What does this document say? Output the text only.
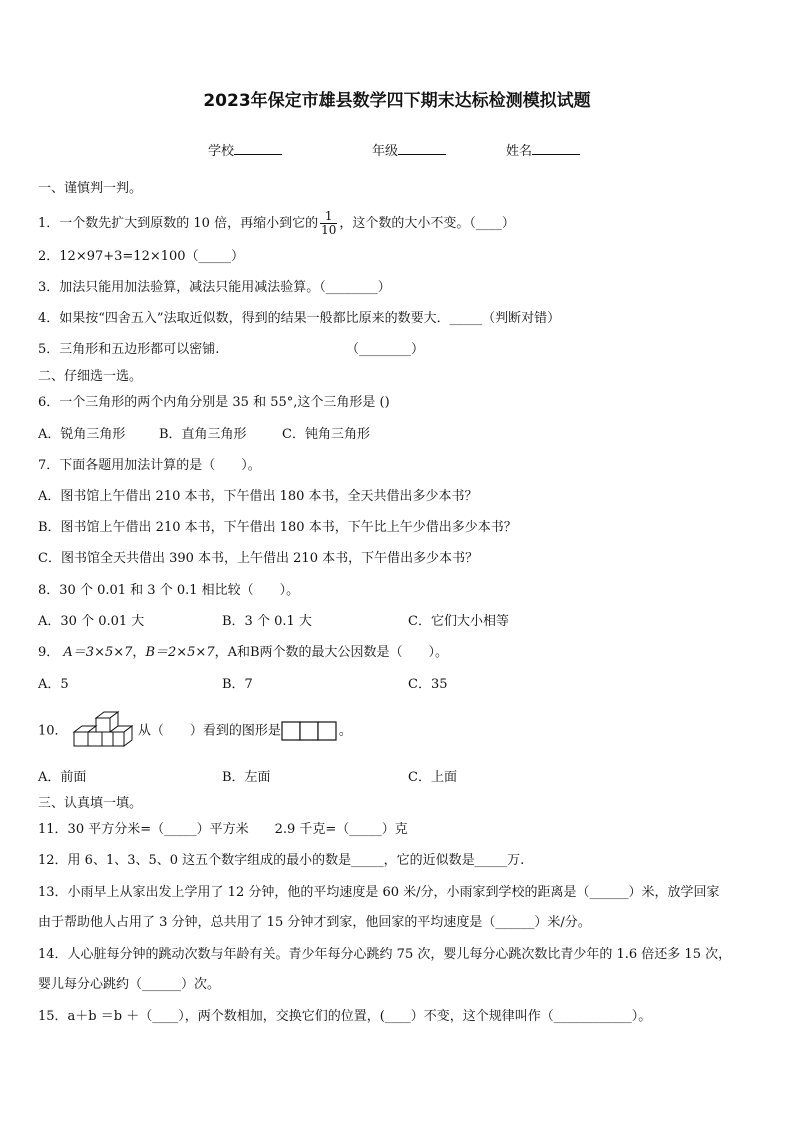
2023年保定市雄县数学四下期末达标检测模拟试题
学校	年级	姓名
一、谨慎判一判。
1．一个数先扩大到原数的 10 倍，再缩小到它的 $\frac{1}{10}$ ，这个数的大小不变。（____）
2．12×97+3=12×100（_____）
3．加法只能用加法验算，减法只能用减法验算。（________）
4．如果按“四舍五入”法取近似数，得到的结果一般都比原来的数要大．_____（判断对错）
5．三角形和五边形都可以密铺.	（________）
二、仔细选一选。
6．一个三角形的两个内角分别是 35 和 55°,这个三角形是 ()
A．锐角三角形	B．直角三角形	C．钝角三角形
7．下面各题用加法计算的是（　　）。
A．图书馆上午借出 210 本书，下午借出 180 本书，全天共借出多少本书？
B．图书馆上午借出 210 本书，下午借出 180 本书，下午比上午少借出多少本书？
C．图书馆全天共借出 390 本书，上午借出 210 本书，下午借出多少本书？
8．30 个 0.01 和 3 个 0.1 相比较（　　）。
A．30 个 0.01 大	B．3 个 0.1 大	C．它们大小相等
9． A＝3×5×7，B＝2×5×7，A和B两个数的最大公因数是（　　）。
A．5	B．7	C．35
10．	从（　　）看到的图形是	。
A．前面	B．左面	C．上面
三、认真填一填。
11．30 平方分米=（_____）平方米　　2.9 千克=（_____）克
12．用 6、1、3、5、0 这五个数字组成的最小的数是_____，它的近似数是_____万.
13．小雨早上从家出发上学用了 12 分钟，他的平均速度是 60 米/分，小雨家到学校的距离是（______）米，放学回家
由于帮助他人占用了 3 分钟，总共用了 15 分钟才到家，他回家的平均速度是（______）米/分。
14．人心脏每分钟的跳动次数与年龄有关。青少年每分心跳约 75 次，婴儿每分心跳次数比青少年的 1.6 倍还多 15 次，
婴儿每分心跳约（______）次。
15．a＋b ＝b ＋（____），两个数相加，交换它们的位置，(____）不变，这个规律叫作（____________）。
